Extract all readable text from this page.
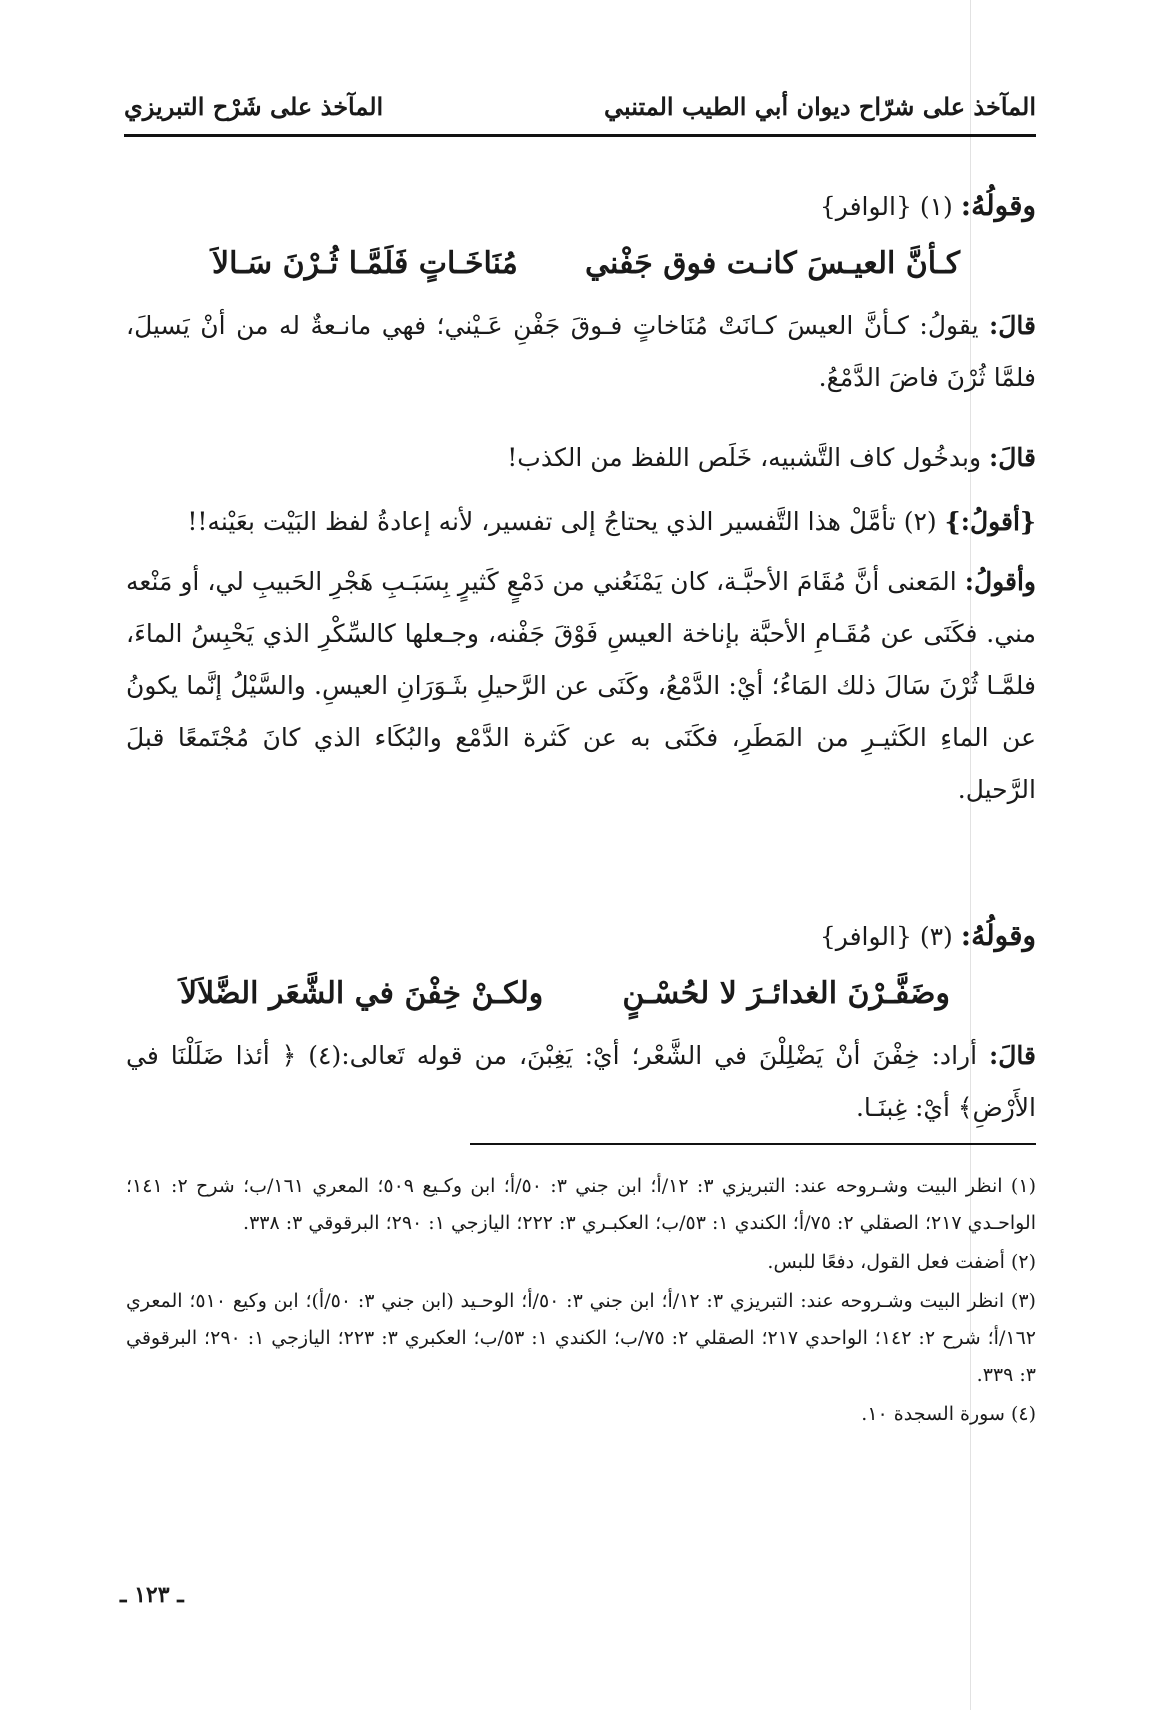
المآخذ على شرّاح ديوان أبي الطيب المتنبي
المآخذ على شَرْح التبريزي
وقولُهُ: (١) {الوافر}
كـأنَّ العيـسَ كانـت فوق جَفْني
مُنَاخَـاتٍ فَلَمَّـا ثُـرْنَ سَـالاَ
قالَ: يقولُ: كـأنَّ العيسَ كـانَتْ مُنَاخاتٍ فـوقَ جَفْنِ عَـيْني؛ فهي مانـعةٌ له من أنْ يَسيلَ، فلمَّا ثُرْنَ فاضَ الدَّمْعُ.
قالَ: وبدخُول كاف التَّشبيه، خَلَص اللفظ من الكذب!
{أقولُ:} (٢) تأمَّلْ هذا التَّفسير الذي يحتاجُ إلى تفسير، لأنه إعادةُ لفظ البَيْت بعَيْنه!!
وأقولُ: المَعنى أنَّ مُقَامَ الأحبَّـة، كان يَمْنَعُني من دَمْعٍ كَثيرٍ بِسَبَـبِ هَجْرِ الحَبيبِ لي، أو مَنْعه مني. فكَنَى عن مُقَـامِ الأحبَّة بإناخة العيسِ فَوْقَ جَفْنه، وجـعلها كالسِّكْرِ الذي يَحْبِسُ الماءَ، فلمَّـا ثُرْنَ سَالَ ذلك المَاءُ؛ أيْ: الدَّمْعُ، وكَنَى عن الرَّحيلِ بثَـوَرَانِ العيسِ. والسَّيْلُ إنَّما يكونُ عن الماءِ الكَثيـرِ من المَطَرِ، فكَنَى به عن كَثرة الدَّمْع والبُكَاء الذي كانَ مُجْتَمعًا قبلَ الرَّحيل.
وقولُهُ: (٣) {الوافر}
وضَفَّـرْنَ الغدائـرَ لا لحُسْـنٍ
ولكـنْ خِفْنَ في الشَّعَر الضَّلاَلاَ
قالَ: أراد: خِفْنَ أنْ يَضْلِلْنَ في الشَّعْر؛ أيْ: يَغِبْنَ، من قوله تَعالى:(٤) ﴿ أئذا ضَلَلْنَا في الأَرْضِ﴾ أيْ: غِبنَـا.
(١) انظر البيت وشـروحه عند: التبريزي ٣: ١٢/أ؛ ابن جني ٣: ٥٠/أ؛ ابن وكـيع ٥٠٩؛ المعري ١٦١/ب؛ شرح ٢: ١٤١؛ الواحـدي ٢١٧؛ الصقلي ٢: ٧٥/أ؛ الكندي ١: ٥٣/ب؛ العكبـري ٣: ٢٢٢؛ اليازجي ١: ٢٩٠؛ البرقوقي ٣: ٣٣٨.
(٢) أضفت فعل القول، دفعًا للبس.
(٣) انظر البيت وشـروحه عند: التبريزي ٣: ١٢/أ؛ ابن جني ٣: ٥٠/أ؛ الوحـيد (ابن جني ٣: ٥٠/أ)؛ ابن وكيع ٥١٠؛ المعري ١٦٢/أ؛ شرح ٢: ١٤٢؛ الواحدي ٢١٧؛ الصقلي ٢: ٧٥/ب؛ الكندي ١: ٥٣/ب؛ العكبري ٣: ٢٢٣؛ اليازجي ١: ٢٩٠؛ البرقوقي ٣: ٣٣٩.
(٤) سورة السجدة ١٠.
ـ ١٢٣ ـ
